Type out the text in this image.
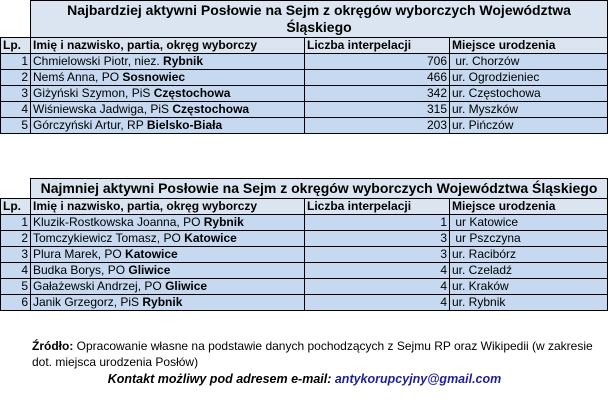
	Najbardziej aktywni Posłowie na Sejm z okręgów wyborczych Województwa Śląskiego		
Lp.	Imię i nazwisko, partia, okręg wyborczy	Liczba interpelacji	Miejsce urodzenia
1	Chmielowski Piotr, niez. Rybnik	706	ur. Chorzów
2	Nemś Anna, PO Sosnowiec	466	ur. Ogrodzieniec
3	Giżyński Szymon, PiS Częstochowa	342	ur. Częstochowa
4	Wiśniewska Jadwiga, PiS Częstochowa	315	ur. Myszków
5	Górczyński Artur, RP Bielsko-Biała	203	ur. Pińczów
	Najmniej aktywni Posłowie na Sejm z okręgów wyborczych Województwa Śląskiego		
Lp.	Imię i nazwisko, partia, okręg wyborczy	Liczba interpelacji	Miejsce urodzenia
1	Kluzik-Rostkowska Joanna, PO Rybnik	1	ur Katowice
2	Tomczykiewicz Tomasz, PO Katowice	3	ur Pszczyna
3	Plura Marek, PO Katowice	3	ur. Racibórz
4	Budka Borys, PO Gliwice	4	ur. Czeladź
5	Gałażewski Andrzej, PO Gliwice	4	ur. Kraków
6	Janik Grzegorz, PiS Rybnik	4	ur. Rybnik
Źródło: Opracowanie własne na podstawie danych pochodzących z Sejmu RP oraz Wikipedii (w zakresie dot. miejsca urodzenia Posłów)
Kontakt możliwy pod adresem e-mail: antykorupcyjny@gmail.com
